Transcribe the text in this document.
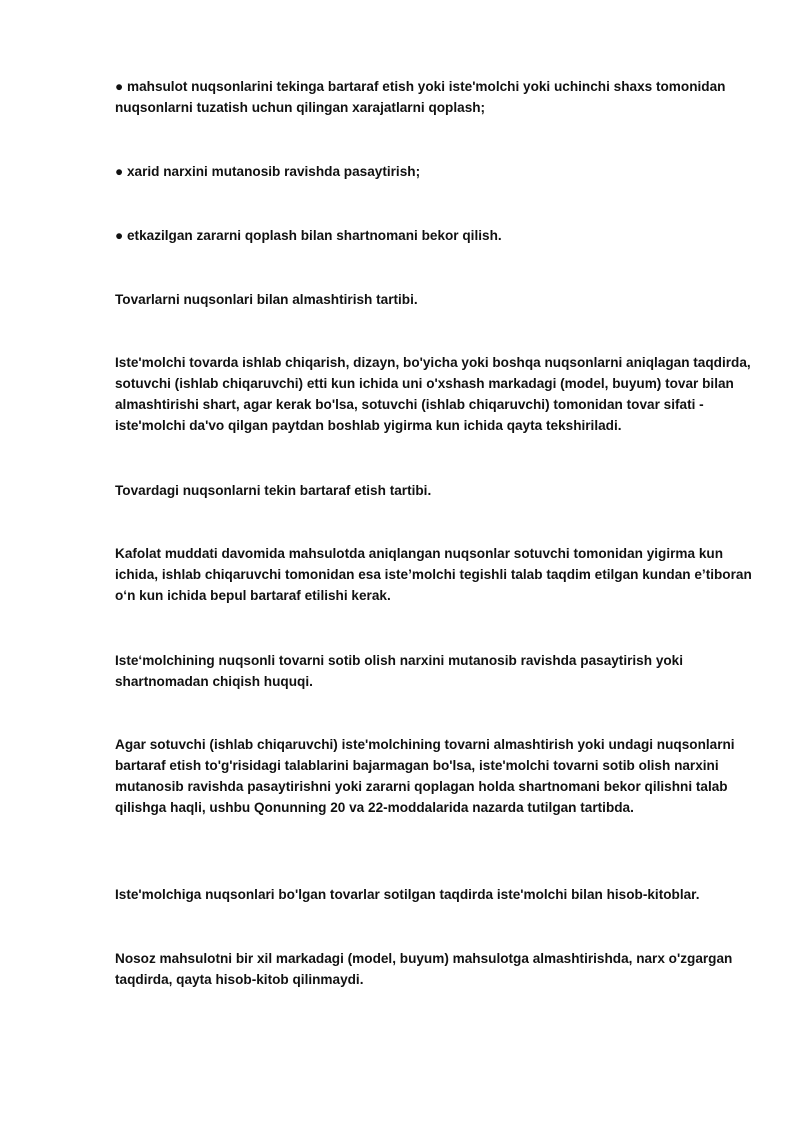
● mahsulot nuqsonlarini tekinga bartaraf etish yoki iste'molchi yoki uchinchi shaxs tomonidan nuqsonlarni tuzatish uchun qilingan xarajatlarni qoplash;

● xarid narxini mutanosib ravishda pasaytirish;

● etkazilgan zararni qoplash bilan shartnomani bekor qilish.

Tovarlarni nuqsonlari bilan almashtirish tartibi.

Iste'molchi tovarda ishlab chiqarish, dizayn, bo'yicha yoki boshqa nuqsonlarni aniqlagan taqdirda, sotuvchi (ishlab chiqaruvchi) etti kun ichida uni o'xshash markadagi (model, buyum) tovar bilan almashtirishi shart, agar kerak bo'lsa, sotuvchi (ishlab chiqaruvchi) tomonidan tovar sifati - iste'molchi da'vo qilgan paytdan boshlab yigirma kun ichida qayta tekshiriladi.

Tovardagi nuqsonlarni tekin bartaraf etish tartibi.

Kafolat muddati davomida mahsulotda aniqlangan nuqsonlar sotuvchi tomonidan yigirma kun ichida, ishlab chiqaruvchi tomonidan esa iste’molchi tegishli talab taqdim etilgan kundan e’tiboran o‘n kun ichida bepul bartaraf etilishi kerak.

Iste‘molchining nuqsonli tovarni sotib olish narxini mutanosib ravishda pasaytirish yoki shartnomadan chiqish huquqi.

Agar sotuvchi (ishlab chiqaruvchi) iste'molchining tovarni almashtirish yoki undagi nuqsonlarni bartaraf etish to'g'risidagi talablarini bajarmagan bo'lsa, iste'molchi tovarni sotib olish narxini mutanosib ravishda pasaytirishni yoki zararni qoplagan holda shartnomani bekor qilishni talab qilishga haqli, ushbu Qonunning 20 va 22-moddalarida nazarda tutilgan tartibda.

Iste'molchiga nuqsonlari bo'lgan tovarlar sotilgan taqdirda iste'molchi bilan hisob-kitoblar.

Nosoz mahsulotni bir xil markadagi (model, buyum) mahsulotga almashtirishda, narx o'zgargan taqdirda, qayta hisob-kitob qilinmaydi.
